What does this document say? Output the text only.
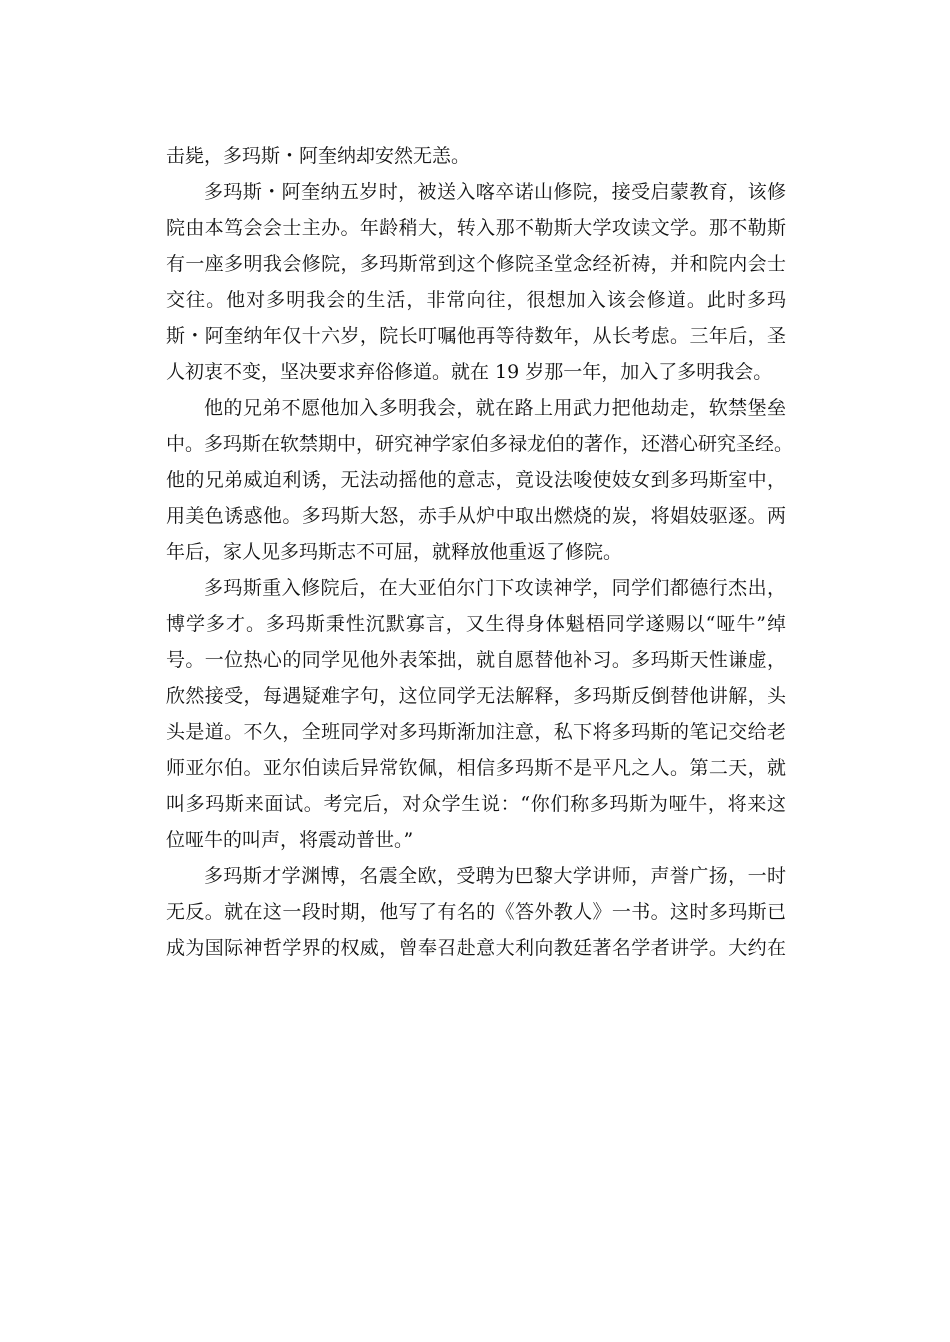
击毙，多玛斯・阿奎纳却安然无恙。
多玛斯・阿奎纳五岁时，被送入喀卒诺山修院，接受启蒙教育，该修
院由本笃会会士主办。年龄稍大，转入那不勒斯大学攻读文学。那不勒斯
有一座多明我会修院，多玛斯常到这个修院圣堂念经祈祷，并和院内会士
交往。他对多明我会的生活，非常向往，很想加入该会修道。此时多玛
斯・阿奎纳年仅十六岁，院长叮嘱他再等待数年，从长考虑。三年后，圣
人初衷不变，坚决要求弃俗修道。就在 19 岁那一年，加入了多明我会。
他的兄弟不愿他加入多明我会，就在路上用武力把他劫走，软禁堡垒
中。多玛斯在软禁期中，研究神学家伯多禄龙伯的著作，还潜心研究圣经。
他的兄弟威迫利诱，无法动摇他的意志，竟设法唆使妓女到多玛斯室中，
用美色诱惑他。多玛斯大怒，赤手从炉中取出燃烧的炭，将娼妓驱逐。两
年后，家人见多玛斯志不可屈，就释放他重返了修院。
多玛斯重入修院后，在大亚伯尔门下攻读神学，同学们都德行杰出，
博学多才。多玛斯秉性沉默寡言，又生得身体魁梧同学遂赐以“哑牛”绰
号。一位热心的同学见他外表笨拙，就自愿替他补习。多玛斯天性谦虚，
欣然接受，每遇疑难字句，这位同学无法解释，多玛斯反倒替他讲解，头
头是道。不久，全班同学对多玛斯渐加注意，私下将多玛斯的笔记交给老
师亚尔伯。亚尔伯读后异常钦佩，相信多玛斯不是平凡之人。第二天，就
叫多玛斯来面试。考完后，对众学生说：“你们称多玛斯为哑牛，将来这
位哑牛的叫声，将震动普世。”
多玛斯才学渊博，名震全欧，受聘为巴黎大学讲师，声誉广扬，一时
无反。就在这一段时期，他写了有名的《答外教人》一书。这时多玛斯已
成为国际神哲学界的权威，曾奉召赴意大利向教廷著名学者讲学。大约在
